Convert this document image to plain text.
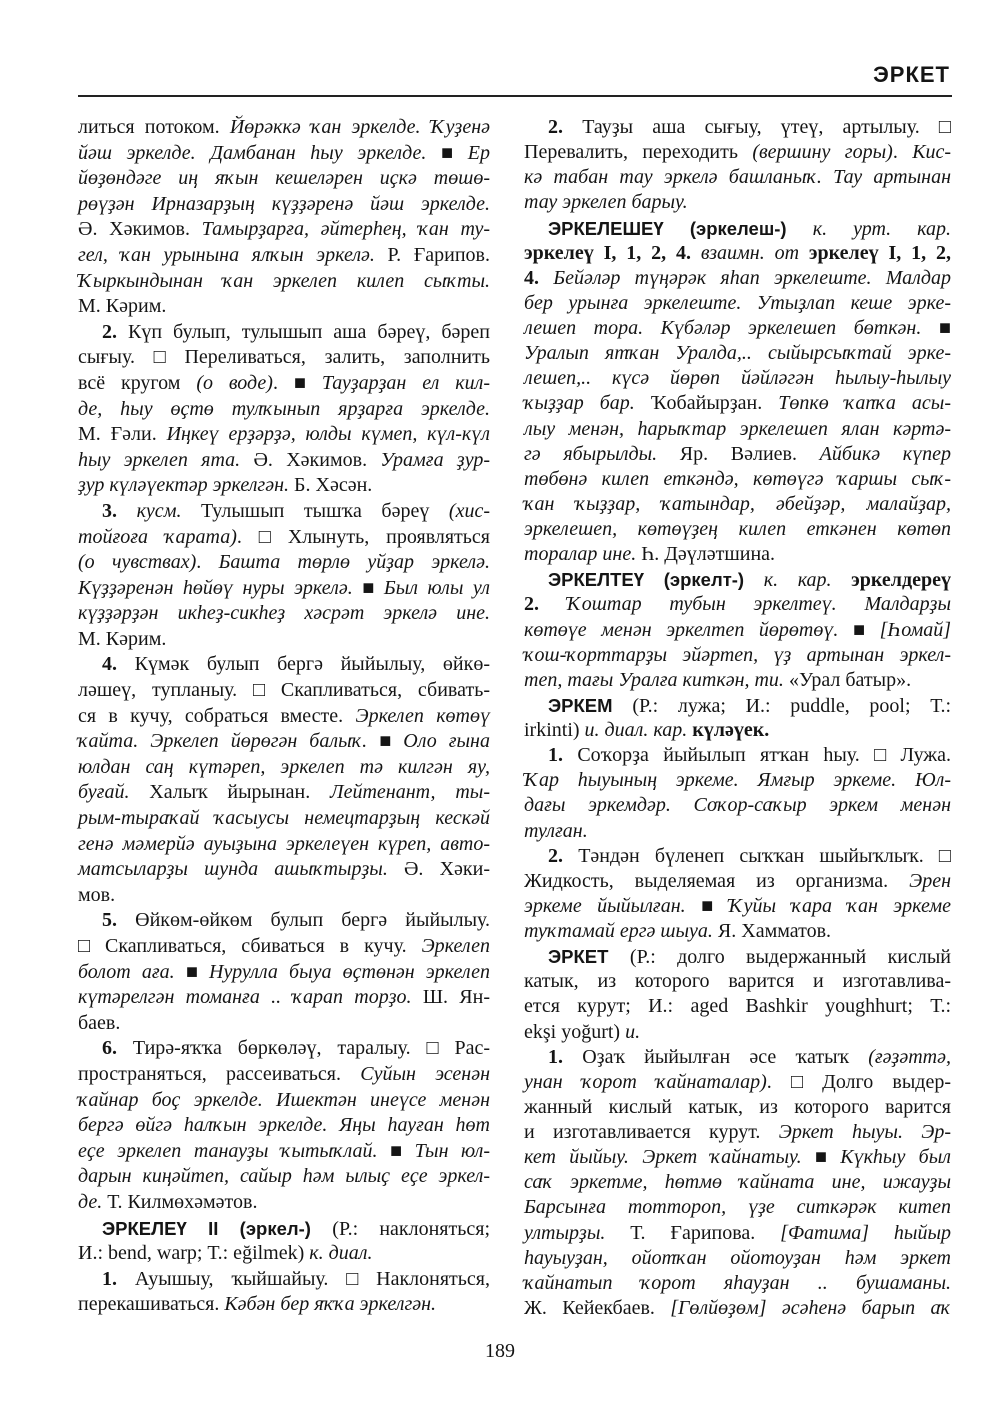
ЭРКЕТ
литься потоком. Йөрәккә ҡан эркелде. Ҡуҙенә
йәш эркелде. Дамбанан һыу эркелде. ■ Ер
йөҙөндәге иң яҡын кешеләрен иҫкә төшө-
рөүҙән Ирназарҙың күҙҙәренә йәш эркелде.
Ә. Хәкимов. Тамырҙарға, әйтерһең, ҡан ту-
гел, ҡан урынына ялҡын эркелә. Р. Ғарипов.
Ҡыркындынан ҡан эркелеп килеп сыҡты.
М. Кәрим.
2. Күп булып, тулышып аша бәреү, бәреп
сығыу. □ Переливаться, залить, заполнить
всё кругом (о воде). ■ Тауҙарҙан ел кил-
де, һыу өҫтө тулҡынып ярҙарға эркелде.
М. Ғәли. Иңкеү ерҙәрҙә, юлды күмеп, күл-күл
һыу эркелеп ята. Ә. Хәкимов. Урамға ҙур-
ҙур күләүектәр эркелгән. Б. Хәсән.
3. кусм. Тулышып тышҡа бәреү (хис-
тойғоға ҡарата). □ Хлынуть, проявляться
(о чувствах). Башта төрлө уйҙар эркелә.
Күҙҙәренән һөйөү нуры эркелә. ■ Был юлы ул
күҙҙәрҙән икһеҙ-сикһеҙ хәсрәт эркелә ине.
М. Кәрим.
4. Күмәк булып бергә йыйылыу, өйкө-
ләшеү, тупланыу. □ Скапливаться, сбивать-
ся в кучу, собраться вместе. Эркелеп көтөү
ҡайта. Эркелеп йөрөгән балыҡ. ■ Оло ғына
юлдан саң күтәреп, эркелеп тә килгән яу,
буғай. Халыҡ йырынан. Лейтенант, ты-
рым-тыраҡай ҡасыусы немецтарҙың кескәй
генә мәмерйә ауыҙына эркелеүен күреп, авто-
матсыларҙы шунда ашыҡтырҙы. Ә. Хәки-
мов.
5. Өйкөм-өйкөм булып бергә йыйылыу.
□ Скапливаться, сбиваться в кучу. Эркелеп
болот аға. ■ Нурулла быуа өҫтөнән эркелеп
күтәрелгән томанға .. ҡарап торҙо. Ш. Ян-
баев.
6. Тирә-яҡҡа бөркөләү, таралыу. □ Рас-
пространяться, рассеиваться. Суйын эсенән
ҡайнар боҫ эркелде. Ишектән инеүсе менән
бергә өйгә һалҡын эркелде. Яңы һауған һөт
еҫе эркелеп танауҙы ҡытыҡлай. ■ Тын юл-
дарын киңәйтеп, сайыр һәм ылыҫ еҫе эркел-
де. Т. Килмөхәмәтов.
ЭРКЕЛЕҮ II (эркел-) (Р.: наклоняться;
И.: bend, warp; Т.: eğilmek) к. диал.
1. Ауышыу, ҡыйшайыу. □ Наклоняться,
перекашиваться. Кәбән бер яҡҡа эркелгән.
2. Тауҙы аша сығыу, үтеү, артылыу. □
Перевалить, переходить (вершину горы). Кис-
кә табан тау эркелә башланыҡ. Тау артынан
тау эркелеп барыу.
ЭРКЕЛЕШЕҮ (эркелеш-) к. урт. кар.
эркелеү I, 1, 2, 4. взаимн. от эркелеү I, 1, 2,
4. Бейәләр түңәрәк яһап эркелеште. Малдар
бер урынға эркелеште. Утыҙлап кеше эрке-
лешеп тора. Күбәләр эркелешеп бөткән. ■
Уралып ятҡан Уралда,.. сыйырсыҡтай эрке-
лешеп,.. күсә йөрөп йәйләгән һылыу-һылыу
ҡыҙҙар бар. Ҡобайырҙан. Төпкө ҡапҡа асы-
лыу менән, һарыҡтар эркелешеп ялан кәртә-
гә ябырылды. Яр. Вәлиев. Айбикә күпер
төбөнә килеп еткәндә, көтөүгә ҡаршы сыҡ-
ҡан ҡыҙҙар, ҡатындар, әбейҙәр, малайҙар,
эркелешеп, көтөүҙең килеп еткәнен көтөп
торалар ине. Һ. Дәүләтшина.
ЭРКЕЛТЕҮ (эркелт-) к. кар. эркелдереү
2. Ҡоштар тубын эркелтеү. Малдарҙы
көтөүе менән эркелтеп йөрөтөү. ■ [Һомай]
ҡош-ҡорттарҙы эйәртеп, үҙ артынан эркел-
теп, тағы Уралға киткән, ти. «Урал батыр».
ЭРКЕМ (Р.: лужа; И.: puddle, pool; Т.:
irkinti) и. диал. кар. күләүек.
1. Соҡорҙа йыйылып ятҡан һыу. □ Лужа.
Ҡар һыуының эркеме. Ямғыр эркеме. Юл-
дағы эркемдәр. Соҡор-саҡыр эркем менән
тулған.
2. Тәндән бүленеп сыҡҡан шыйыҡлыҡ. □
Жидкость, выделяемая из организма. Эрен
эркеме йыйылған. ■ Ҡуйы ҡара ҡан эркеме
туҡтамай ергә шыуа. Я. Хамматов.
ЭРКЕТ (Р.: долго выдержанный кислый
катык, из которого варится и изготавлива-
ется курут; И.: aged Bashkir youghhurt; Т.:
ekşi yoğurt) и.
1. Оҙаҡ йыйылған әсе ҡатыҡ (ғәҙәттә,
унан ҡорот ҡайнаталар). □ Долго выдер-
жанный кислый катык, из которого варится
и изготавливается курут. Эркет һыуы. Эр-
кет йыйыу. Эркет ҡайнатыу. ■ Күкһыу был
саҡ эркетме, һөтмө ҡайната ине, ижауҙы
Барсынға тоттороп, үҙе ситкәрәк китеп
ултырҙы. Т. Ғарипова. [Фатима] һыйыр
һауыуҙан, ойотҡан ойотоуҙан һәм эркет
ҡайнатып ҡорот яһауҙан .. бушаманы.
Ж. Кейекбаев. [Гөлйөҙөм] әсәһенә барып аҡ
189
